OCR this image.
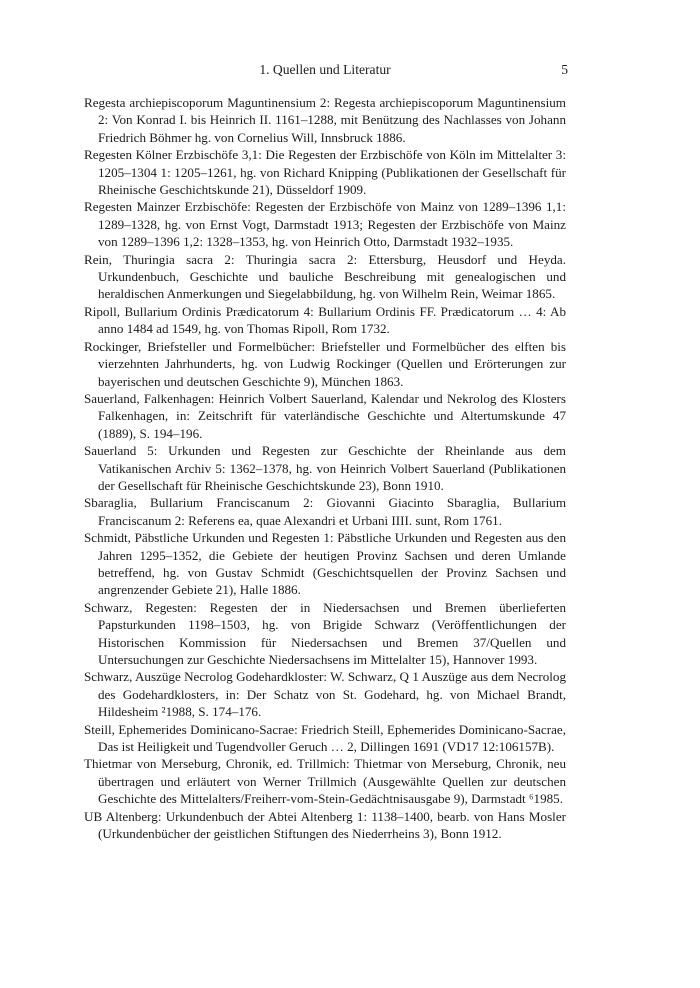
1. Quellen und Literatur	5

Regesta archiepiscoporum Maguntinensium 2: Regesta archiepiscoporum Maguntinensium 2: Von Konrad I. bis Heinrich II. 1161–1288, mit Benützung des Nachlasses von Johann Friedrich Böhmer hg. von Cornelius Will, Innsbruck 1886.

Regesten Kölner Erzbischöfe 3,1: Die Regesten der Erzbischöfe von Köln im Mittelalter 3: 1205–1304 1: 1205–1261, hg. von Richard Knipping (Publikationen der Gesellschaft für Rheinische Geschichtskunde 21), Düsseldorf 1909.

Regesten Mainzer Erzbischöfe: Regesten der Erzbischöfe von Mainz von 1289–1396 1,1: 1289–1328, hg. von Ernst Vogt, Darmstadt 1913; Regesten der Erzbischöfe von Mainz von 1289–1396 1,2: 1328–1353, hg. von Heinrich Otto, Darmstadt 1932–1935.

Rein, Thuringia sacra 2: Thuringia sacra 2: Ettersburg, Heusdorf und Heyda. Urkundenbuch, Geschichte und bauliche Beschreibung mit genealogischen und heraldischen Anmerkungen und Siegelabbildung, hg. von Wilhelm Rein, Weimar 1865.

Ripoll, Bullarium Ordinis Prædicatorum 4: Bullarium Ordinis FF. Prædicatorum … 4: Ab anno 1484 ad 1549, hg. von Thomas Ripoll, Rom 1732.

Rockinger, Briefsteller und Formelbücher: Briefsteller und Formelbücher des elften bis vierzehnten Jahrhunderts, hg. von Ludwig Rockinger (Quellen und Erörterungen zur bayerischen und deutschen Geschichte 9), München 1863.

Sauerland, Falkenhagen: Heinrich Volbert Sauerland, Kalendar und Nekrolog des Klosters Falkenhagen, in: Zeitschrift für vaterländische Geschichte und Altertumskunde 47 (1889), S. 194–196.

Sauerland 5: Urkunden und Regesten zur Geschichte der Rheinlande aus dem Vatikanischen Archiv 5: 1362–1378, hg. von Heinrich Volbert Sauerland (Publikationen der Gesellschaft für Rheinische Geschichtskunde 23), Bonn 1910.

Sbaraglia, Bullarium Franciscanum 2: Giovanni Giacinto Sbaraglia, Bullarium Franciscanum 2: Referens ea, quae Alexandri et Urbani IIII. sunt, Rom 1761.

Schmidt, Päbstliche Urkunden und Regesten 1: Päbstliche Urkunden und Regesten aus den Jahren 1295–1352, die Gebiete der heutigen Provinz Sachsen und deren Umlande betreffend, hg. von Gustav Schmidt (Geschichtsquellen der Provinz Sachsen und angrenzender Gebiete 21), Halle 1886.

Schwarz, Regesten: Regesten der in Niedersachsen und Bremen überlieferten Papsturkunden 1198–1503, hg. von Brigide Schwarz (Veröffentlichungen der Historischen Kommission für Niedersachsen und Bremen 37/Quellen und Untersuchungen zur Geschichte Niedersachsens im Mittelalter 15), Hannover 1993.

Schwarz, Auszüge Necrolog Godehardkloster: W. Schwarz, Q 1 Auszüge aus dem Necrolog des Godehardklosters, in: Der Schatz von St. Godehard, hg. von Michael Brandt, Hildesheim ²1988, S. 174–176.

Steill, Ephemerides Dominicano-Sacrae: Friedrich Steill, Ephemerides Dominicano-Sacrae, Das ist Heiligkeit und Tugendvoller Geruch … 2, Dillingen 1691 (VD17 12:106157B).

Thietmar von Merseburg, Chronik, ed. Trillmich: Thietmar von Merseburg, Chronik, neu übertragen und erläutert von Werner Trillmich (Ausgewählte Quellen zur deutschen Geschichte des Mittelalters/Freiherr-vom-Stein-Gedächtnisausgabe 9), Darmstadt ⁶1985.

UB Altenberg: Urkundenbuch der Abtei Altenberg 1: 1138–1400, bearb. von Hans Mosler (Urkundenbücher der geistlichen Stiftungen des Niederrheins 3), Bonn 1912.
